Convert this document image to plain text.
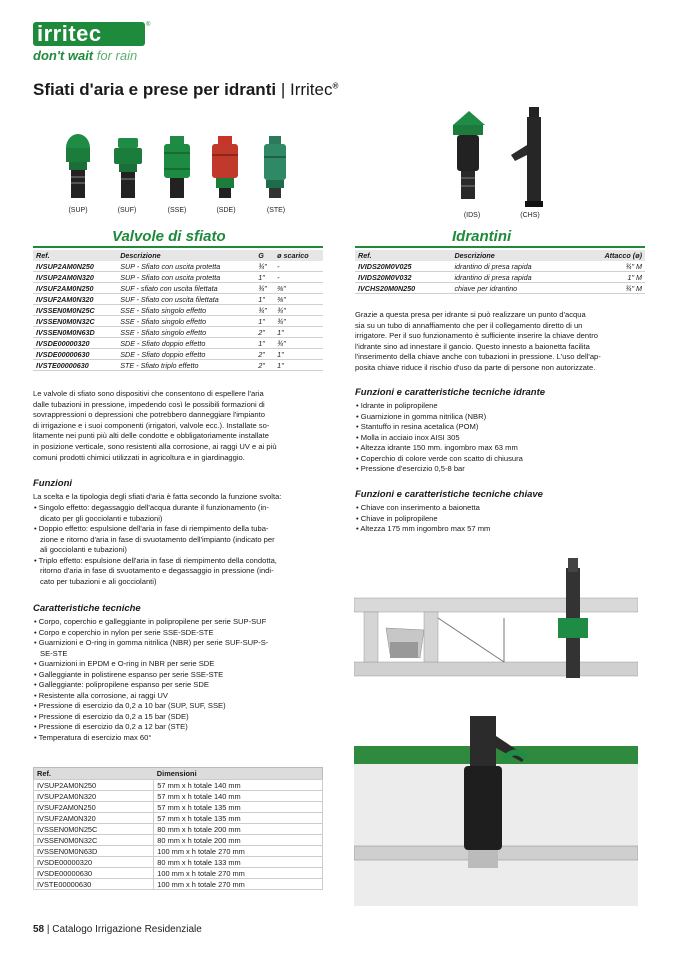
irritec	®
don't wait for rain
Sfiati d'aria e prese per idranti | Irritec®
(SUP)	(SUF)	(SSE)	(SDE)	(STE)
(IDS)	(CHS)
Valvole di sfiato
Ref.	Descrizione	G	ø scarico
IVSUP2AM0N250	SUP - Sfiato con uscita protetta	¾"	-
IVSUP2AM0N320	SUP - Sfiato con uscita protetta	1"	-
IVSUF2AM0N250	SUF - sfiato con uscita filettata	¾"	⅜"
IVSUF2AM0N320	SUF - Sfiato con uscita filettata	1"	⅜"
IVSSEN0M0N25C	SSE - Sfiato singolo effetto	¾"	¾"
IVSSEN0M0N32C	SSE - Sfiato singolo effetto	1"	¾"
IVSSEN0M0N63D	SSE - Sfiato singolo effetto	2"	1"
IVSDE00000320	SDE - Sfiato doppio effetto	1"	¾"
IVSDE00000630	SDE - Sfiato doppio effetto	2"	1"
IVSTE00000630	STE - Sfiato triplo effetto	2"	1"
Idrantini
Ref.	Descrizione	Attacco (ø)
IVIDS20M0V025	idrantino di presa rapida	¾" M
IVIDS20M0V032	idrantino di presa rapida	1" M
IVCHS20M0N250	chiave per idrantino	¾" M
Le valvole di sfiato sono dispositivi che consentono di espellere l'aria
dalle tubazioni in pressione, impedendo così le possibili formazioni di
sovrappressioni o depressioni che potrebbero danneggiare l'impianto
di irrigazione e i suoi componenti (irrigatori, valvole ecc.). Installate so-
litamente nei punti più alti delle condotte e obbligatoriamente installate
in posizione verticale, sono resistenti alla corrosione, ai raggi UV e ai più
comuni prodotti chimici utilizzati in agricoltura e in giardinaggio.
Funzioni
La scelta e la tipologia degli sfiati d'aria è fatta secondo la funzione svolta:
• Singolo effetto: degassaggio dell'acqua durante il funzionamento (in-
dicato per gli gocciolanti e tubazioni)
• Doppio effetto: espulsione dell'aria in fase di riempimento della tuba-
zione e ritorno d'aria in fase di svuotamento dell'impianto (indicato per
ali gocciolanti e tubazioni)
• Triplo effetto: espulsione dell'aria in fase di riempimento della condotta,
ritorno d'aria in fase di svuotamento e degassaggio in pressione (indi-
cato per tubazioni e ali gocciolanti)
Caratteristiche tecniche
• Corpo, coperchio e galleggiante in polipropilene per serie SUP-SUF
• Corpo e coperchio in nylon per serie SSE-SDE-STE
• Guarnizioni e O-ring in gomma nitrilica (NBR) per serie SUF-SUP-S-
SE-STE
• Guarnizioni in EPDM e O-ring in NBR per serie SDE
• Galleggiante in polistirene espanso per serie SSE-STE
• Galleggiante: polipropilene espanso per serie SDE
• Resistente alla corrosione, ai raggi UV
• Pressione di esercizio da 0,2 a 10 bar (SUP, SUF, SSE)
• Pressione di esercizio da 0,2 a 15 bar (SDE)
• Pressione di esercizio da 0,2 a 12 bar (STE)
• Temperatura di esercizio max 60°
Ref.	Dimensioni
IVSUP2AM0N250	57 mm x h totale 140 mm
IVSUP2AM0N320	57 mm x h totale 140 mm
IVSUF2AM0N250	57 mm x h totale 135 mm
IVSUF2AM0N320	57 mm x h totale 135 mm
IVSSEN0M0N25C	80 mm x h totale 200 mm
IVSSEN0M0N32C	80 mm x h totale 200 mm
IVSSEN0M0N63D	100 mm x h totale 270 mm
IVSDE00000320	80 mm x h totale 133 mm
IVSDE00000630	100 mm x h totale 270 mm
IVSTE00000630	100 mm x h totale 270 mm
Grazie a questa presa per idrante si può realizzare un punto d'acqua
sia su un tubo di annaffiamento che per il collegamento diretto di un
irrigatore. Per il suo funzionamento è sufficiente inserire la chiave dentro
l'idrante sino ad innestare il gancio. Questo innesto a baionetta facilita
l'inserimento della chiave anche con tubazioni in pressione. L'uso dell'ap-
posita chiave riduce il rischio d'uso da parte di persone non autorizzate.
Funzioni e caratteristiche tecniche idrante
• Idrante in polipropilene
• Guarnizione in gomma nitrilica (NBR)
• Stantuffo in resina acetalica (POM)
• Molla in acciaio inox AISI 305
• Altezza idrante 150 mm. ingombro max 63 mm
• Coperchio di colore verde con scatto di chiusura
• Pressione d'esercizio 0,5-8 bar
Funzioni e caratteristiche tecniche chiave
• Chiave con inserimento a baionetta
• Chiave in polipropilene
• Altezza 175 mm ingombro max 57 mm
58 | Catalogo Irrigazione Residenziale
